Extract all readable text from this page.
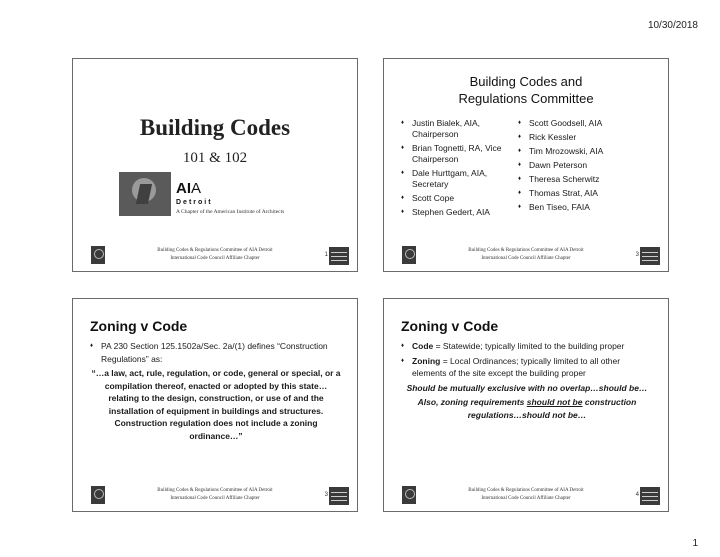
10/30/2018
Building Codes
101 & 102
AIA
Detroit
A Chapter of the American Institute of Architects
Building Codes & Regulations Committee of AIA Detroit
International Code Council Affiliate Chapter
1
Building Codes and
Regulations Committee
♦ Justin Bialek, AIA, Chairperson
♦ Brian Tognetti, RA, Vice Chairperson
♦ Dale Hurttgam, AIA, Secretary
♦ Scott Cope
♦ Stephen Gedert, AIA
♦ Scott Goodsell, AIA
♦ Rick Kessler
♦ Tim Mrozowski, AIA
♦ Dawn Peterson
♦ Theresa Scherwitz
♦ Thomas Strat, AIA
♦ Ben Tiseo, FAIA
Building Codes & Regulations Committee of AIA Detroit
International Code Council Affiliate Chapter
3
Zoning v Code
♦ PA 230 Section 125.1502a/Sec. 2a/(1) defines “Construction Regulations” as:
“…a law, act, rule, regulation, or code, general or special, or a compilation thereof, enacted or adopted by this state…relating to the design, construction, or use of and the installation of equipment in buildings and structures. Construction regulation does not include a zoning ordinance…”
Building Codes & Regulations Committee of AIA Detroit
International Code Council Affiliate Chapter
3
Zoning v Code
♦ Code = Statewide; typically limited to the building proper
♦ Zoning = Local Ordinances; typically limited to all other elements of the site except the building proper
Should be mutually exclusive with no overlap…should be…
Also, zoning requirements should not be construction regulations…should not be…
Building Codes & Regulations Committee of AIA Detroit
International Code Council Affiliate Chapter
4
1
